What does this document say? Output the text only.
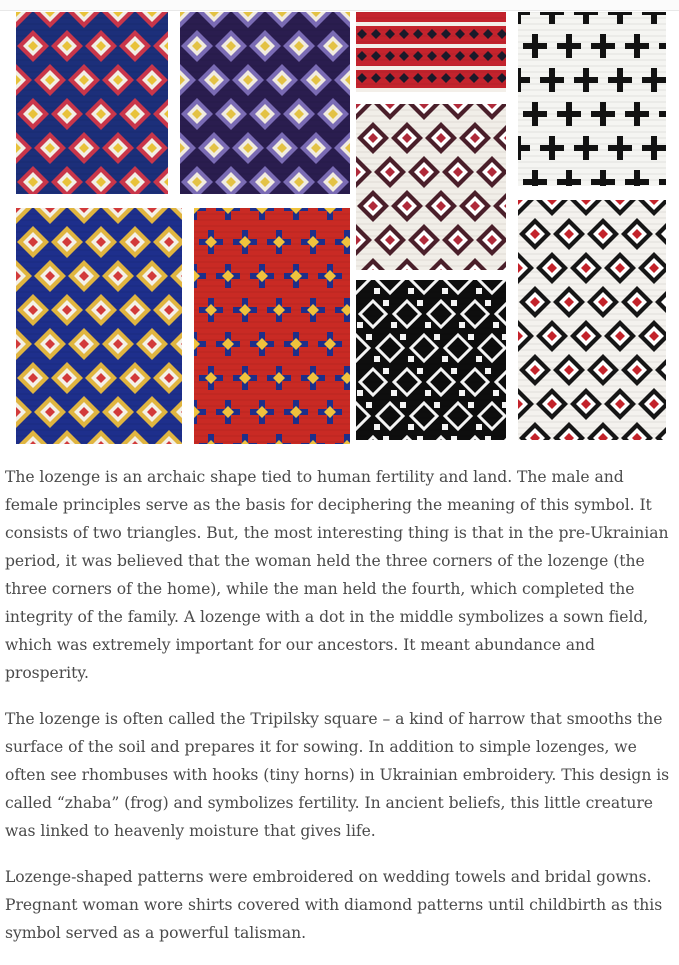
The lozenge is an archaic shape tied to human fertility and land. The male and female principles serve as the basis for deciphering the meaning of this symbol. It consists of two triangles. But, the most interesting thing is that in the pre-Ukrainian period, it was believed that the woman held the three corners of the lozenge (the three corners of the home), while the man held the fourth, which completed the integrity of the family. A lozenge with a dot in the middle symbolizes a sown field, which was extremely important for our ancestors. It meant abundance and prosperity.

The lozenge is often called the Tripilsky square – a kind of harrow that smooths the surface of the soil and prepares it for sowing. In addition to simple lozenges, we often see rhombuses with hooks (tiny horns) in Ukrainian embroidery. This design is called “zhaba” (frog) and symbolizes fertility. In ancient beliefs, this little creature was linked to heavenly moisture that gives life.

Lozenge-shaped patterns were embroidered on wedding towels and bridal gowns. Pregnant woman wore shirts covered with diamond patterns until childbirth as this symbol served as a powerful talisman.
